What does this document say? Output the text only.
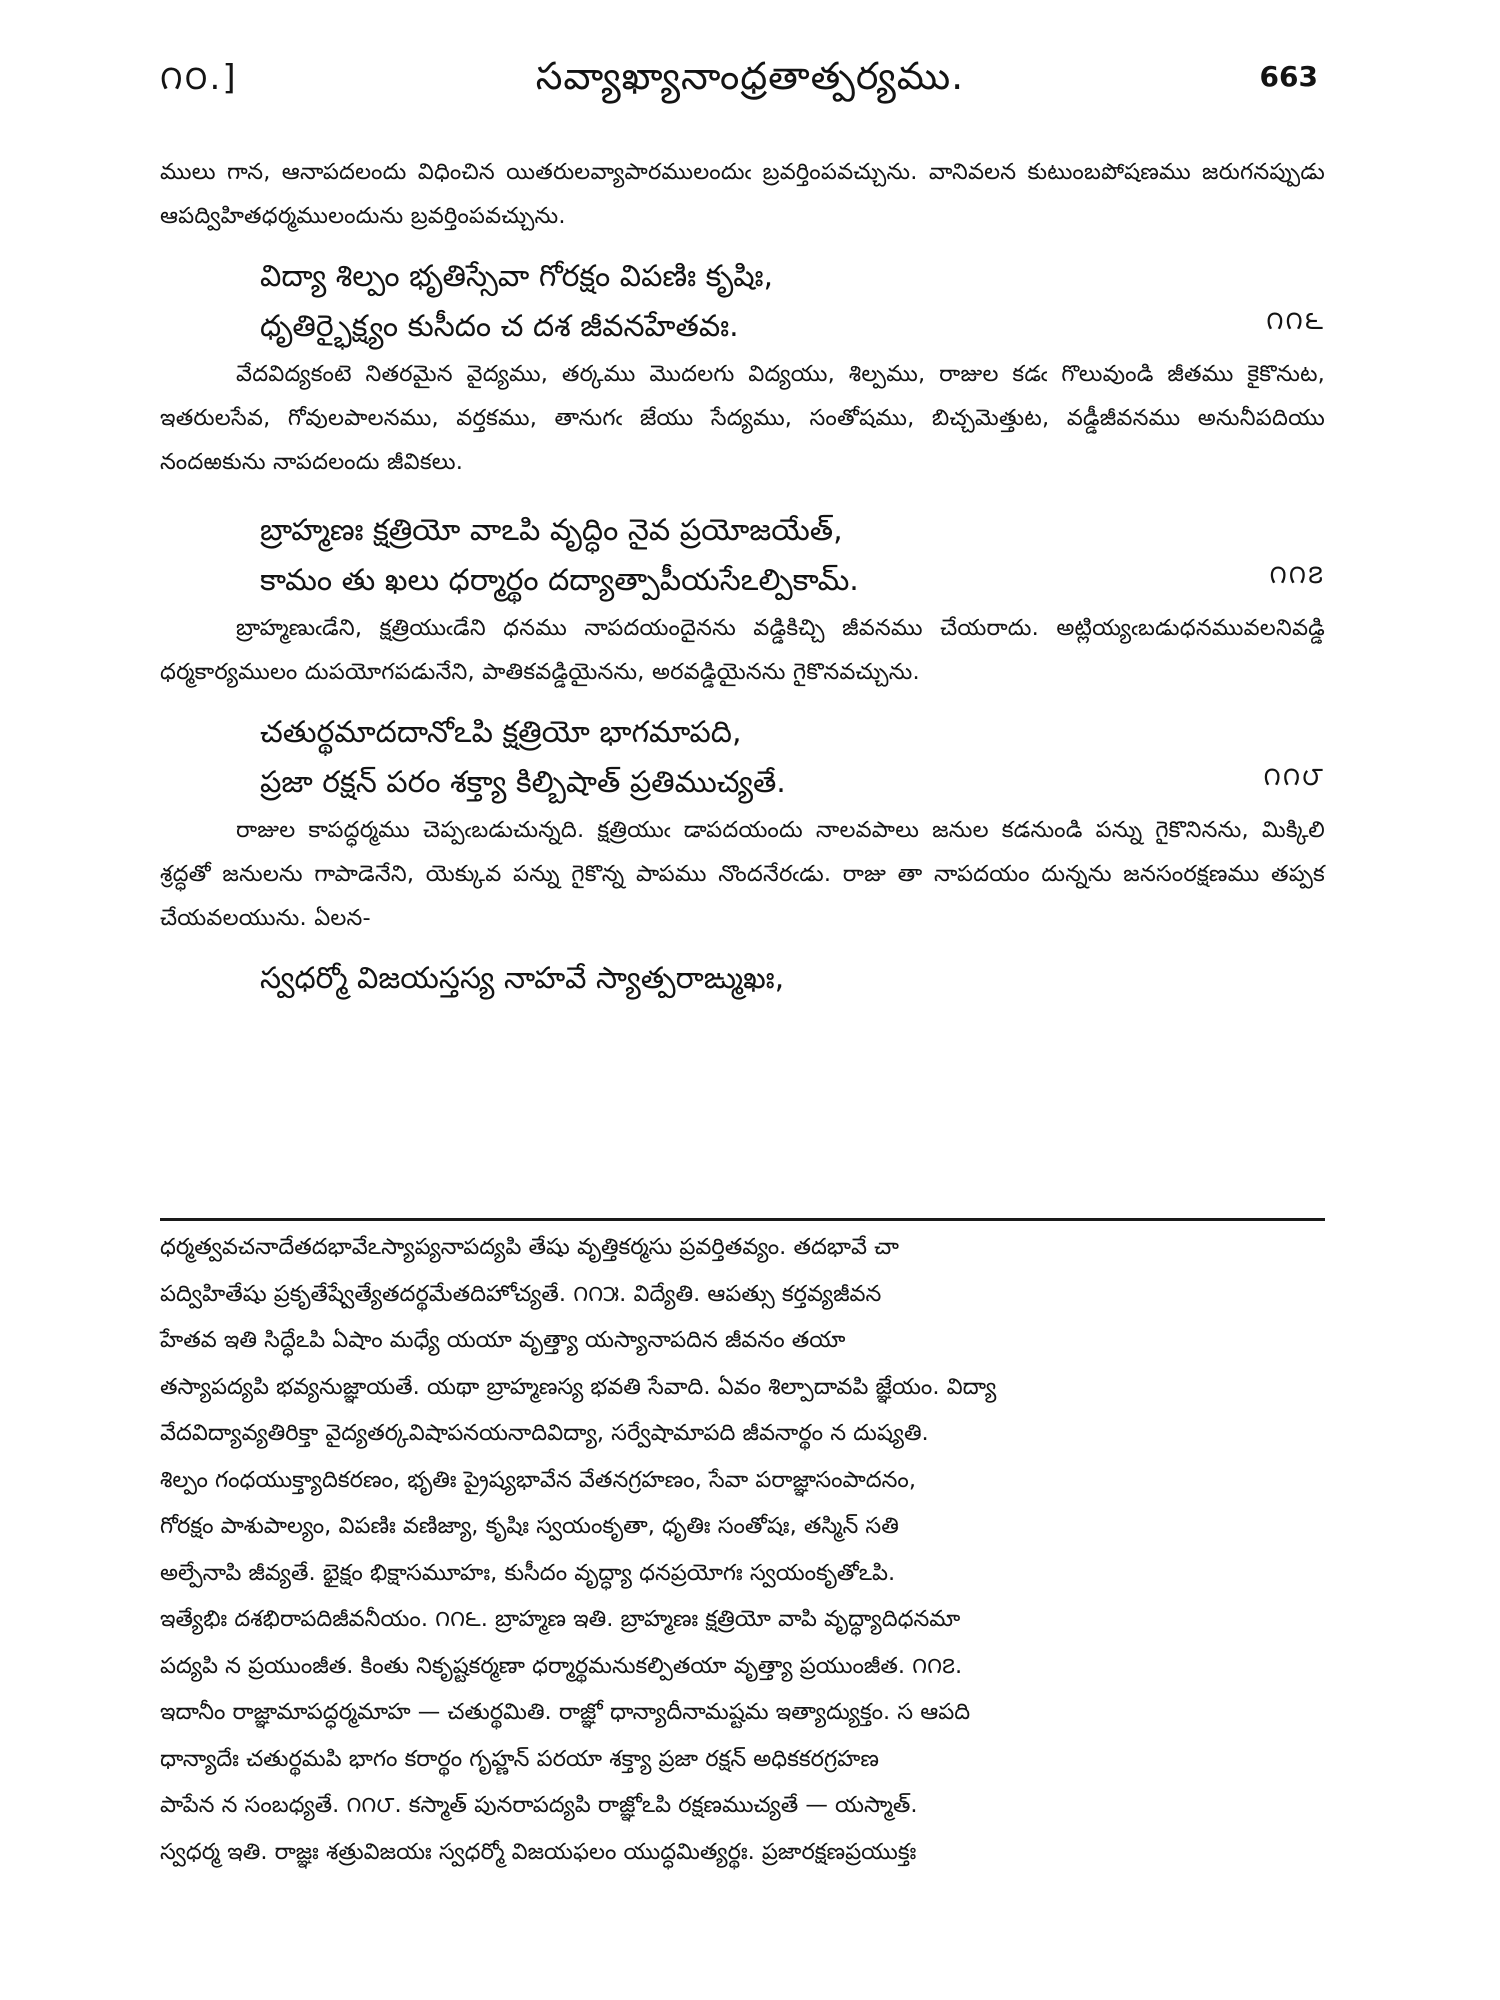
౧౦.]	సవ్యాఖ్యానాంధ్రతాత్పర్యము.	663

ములు గాన, ఆనాపదలందు విధించిన యితరులవ్యాపారములందుఁ బ్రవర్తింపవచ్చును. వానివలన కుటుంబపోషణము జరుగనప్పుడు ఆపద్విహితధర్మములందును బ్రవర్తింపవచ్చును.

విద్యా శిల్పం భృతిస్సేవా గోరక్షం విపణిః కృషిః,
ధృతిర్భైక్ష్యం కుసీదం చ దశ జీవనహేతవః.	౧౧౬

వేదవిద్యకంటె నితరమైన వైద్యము, తర్కము మొదలగు విద్యయు, శిల్పము, రాజుల కడఁ గొలువుండి జీతము కైకొనుట, ఇతరులసేవ, గోవులపాలనము, వర్తకము, తానుగఁ జేయు సేద్యము, సంతోషము, బిచ్చమెత్తుట, వడ్డీజీవనము అనునీపదియు నందఱకును నాపదలందు జీవికలు.

బ్రాహ్మణః క్షత్రియో వాఽపి వృద్ధిం నైవ ప్రయోజయేత్,
కామం తు ఖలు ధర్మార్థం దద్యాత్పాపీయసేఽల్పికామ్.	౧౧౭

బ్రాహ్మణుఁడేని, క్షత్రియుఁడేని ధనము నాపదయందైనను వడ్డికిచ్చి జీవనము చేయరాదు. అట్లియ్యఁబడుధనమువలనివడ్డి ధర్మకార్యములం దుపయోగపడునేని, పాతికవడ్డియైనను, అరవడ్డియైనను గైకొనవచ్చును.

చతుర్థమాదదానోఽపి క్షత్రియో భాగమాపది,
ప్రజా రక్షన్ పరం శక్త్యా కిల్బిషాత్ ప్రతిముచ్యతే.	౧౧౮

రాజుల కాపద్ధర్మము చెప్పఁబడుచున్నది. క్షత్రియుఁ డాపదయందు నాలవపాలు జనుల కడనుండి పన్ను గైకొనినను, మిక్కిలి శ్రద్ధతో జనులను గాపాడెనేని, యెక్కువ పన్ను గైకొన్న పాపము నొందనేరఁడు. రాజు తా నాపదయం దున్నను జనసంరక్షణము తప్పక చేయవలయును. ఏలన-

స్వధర్మో విజయస్తస్య నాహవే స్యాత్పరాఙ్ముఖః,

ధర్మత్వవచనాదేతదభావేఽస్యాప్యనాపద్యపి తేషు వృత్తికర్మసు ప్రవర్తితవ్యం. తదభావే చా

పద్విహితేషు ప్రకృతేష్వేత్యేతదర్థమేతదిహోచ్యతే. ౧౧౫. విద్యేతి. ఆపత్సు కర్తవ్యజీవన

హేతవ ఇతి సిద్ధేఽపి ఏషాం మధ్యే యయా వృత్త్యా యస్యానాపదిన జీవనం తయా

తస్యాపద్యపి భవ్యనుజ్ఞాయతే. యథా బ్రాహ్మణస్య భవతి సేవాది. ఏవం శిల్పాదావపి జ్ఞేయం. విద్యా

వేదవిద్యావ్యతిరిక్తా వైద్యతర్కవిషాపనయనాదివిద్యా, సర్వేషామాపది జీవనార్థం న దుష్యతి.

శిల్పం గంధయుక్త్యాదికరణం, భృతిః ప్రైష్యభావేన వేతనగ్రహణం, సేవా పరాజ్ఞాసంపాదనం,

గోరక్షం పాశుపాల్యం, విపణిః వణిజ్యా, కృషిః స్వయంకృతా, ధృతిః సంతోషః, తస్మిన్ సతి

అల్పేనాపి జీవ్యతే. భైక్షం భిక్షాసమూహః, కుసీదం వృద్ధ్యా ధనప్రయోగః స్వయంకృతోఽపి.

ఇత్యేభిః దశభిరాపదిజీవనీయం. ౧౧౬. బ్రాహ్మణ ఇతి. బ్రాహ్మణః క్షత్రియో వాపి వృద్ధ్యాదిధనమా

పద్యపి న ప్రయుంజీత. కింతు నికృష్టకర్మణా ధర్మార్థమనుకల్పితయా వృత్త్యా ప్రయుంజీత. ౧౧౭.

ఇదానీం రాజ్ఞామాపద్ధర్మమాహ — చతుర్థమితి. రాజ్ఞో ధాన్యాదీనామష్టమ ఇత్యాద్యుక్తం. స ఆపది

ధాన్యాదేః చతుర్థమపి భాగం కరార్థం గృహ్ణన్ పరయా శక్త్యా ప్రజా రక్షన్ అధికకరగ్రహణ

పాపేన న సంబధ్యతే. ౧౧౮. కస్మాత్ పునరాపద్యపి రాజ్ఞోఽపి రక్షణముచ్యతే — యస్మాత్.

స్వధర్మ ఇతి. రాజ్ఞః శత్రువిజయః స్వధర్మో విజయఫలం యుద్ధమిత్యర్థః. ప్రజారక్షణప్రయుక్తః
